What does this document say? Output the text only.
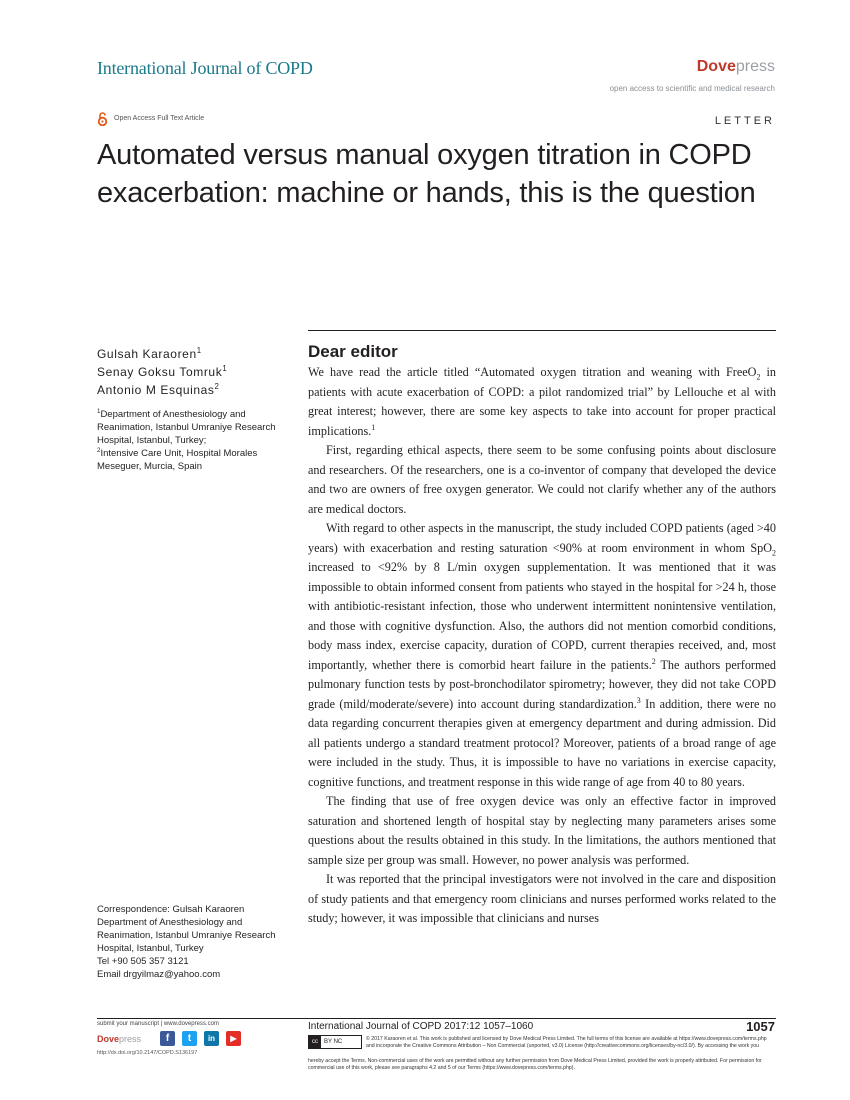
International Journal of COPD	Dovepress
open access to scientific and medical research
Open Access Full Text Article	LETTER
Automated versus manual oxygen titration in COPD exacerbation: machine or hands, this is the question
Gulsah Karaoren$^1$
Senay Goksu Tomruk$^1$
Antonio M Esquinas$^2$
$^1$Department of Anesthesiology and Reanimation, Istanbul Umraniye Research Hospital, Istanbul, Turkey;
$^2$Intensive Care Unit, Hospital Morales Meseguer, Murcia, Spain
Correspondence: Gulsah Karaoren
Department of Anesthesiology and
Reanimation, Istanbul Umraniye Research
Hospital, Istanbul, Turkey
Tel +90 505 357 3121
Email drgyilmaz@yahoo.com
Dear editor

We have read the article titled “Automated oxygen titration and weaning with FreeO$_2$ in patients with acute exacerbation of COPD: a pilot randomized trial” by Lellouche et al with great interest; however, there are some key aspects to take into account for proper practical implications.$^1$

First, regarding ethical aspects, there seem to be some confusing points about disclosure and researchers. Of the researchers, one is a co-inventor of company that developed the device and two are owners of free oxygen generator. We could not clarify whether any of the authors are medical doctors.

With regard to other aspects in the manuscript, the study included COPD patients (aged >40 years) with exacerbation and resting saturation <90% at room environment in whom SpO$_2$ increased to <92% by 8 L/min oxygen supplementation. It was mentioned that it was impossible to obtain informed consent from patients who stayed in the hospital for >24 h, those with antibiotic-resistant infection, those who underwent intermittent nonintensive ventilation, and those with cognitive dysfunction. Also, the authors did not mention comorbid conditions, body mass index, exercise capacity, duration of COPD, current therapies received, and, most importantly, whether there is comorbid heart failure in the patients.$^2$ The authors performed pulmonary function tests by post-bronchodilator spirometry; however, they did not take COPD grade (mild/moderate/severe) into account during standardization.$^3$ In addition, there were no data regarding concurrent therapies given at emergency department and during admission. Did all patients undergo a standard treatment protocol? Moreover, patients of a broad range of age were included in the study. Thus, it is impossible to have no variations in exercise capacity, cognitive functions, and treatment response in this wide range of age from 40 to 80 years.

The finding that use of free oxygen device was only an effective factor in improved saturation and shortened length of hospital stay by neglecting many parameters arises some questions about the results obtained in this study. In the limitations, the authors mentioned that sample size per group was small. However, no power analysis was performed.

It was reported that the principal investigators were not involved in the care and disposition of study patients and that emergency room clinicians and nurses performed works related to the study; however, it was impossible that clinicians and nurses

submit your manuscript | www.dovepress.com
Dovepress	f	t	in	▶
http://dx.doi.org/10.2147/COPD.S136197
International Journal of COPD 2017:12 1057–1060	1057
cc	BY NC	© 2017 Karaoren et al. This work is published and licensed by Dove Medical Press Limited. The full terms of this license are available at https://www.dovepress.com/terms.php and incorporate the Creative Commons Attribution – Non Commercial (unported, v3.0) License (http://creativecommons.org/licenses/by-nc/3.0/). By accessing the work you
hereby accept the Terms. Non-commercial uses of the work are permitted without any further permission from Dove Medical Press Limited, provided the work is properly attributed. For permission for commercial use of this work, please see paragraphs 4.2 and 5 of our Terms (https://www.dovepress.com/terms.php).
